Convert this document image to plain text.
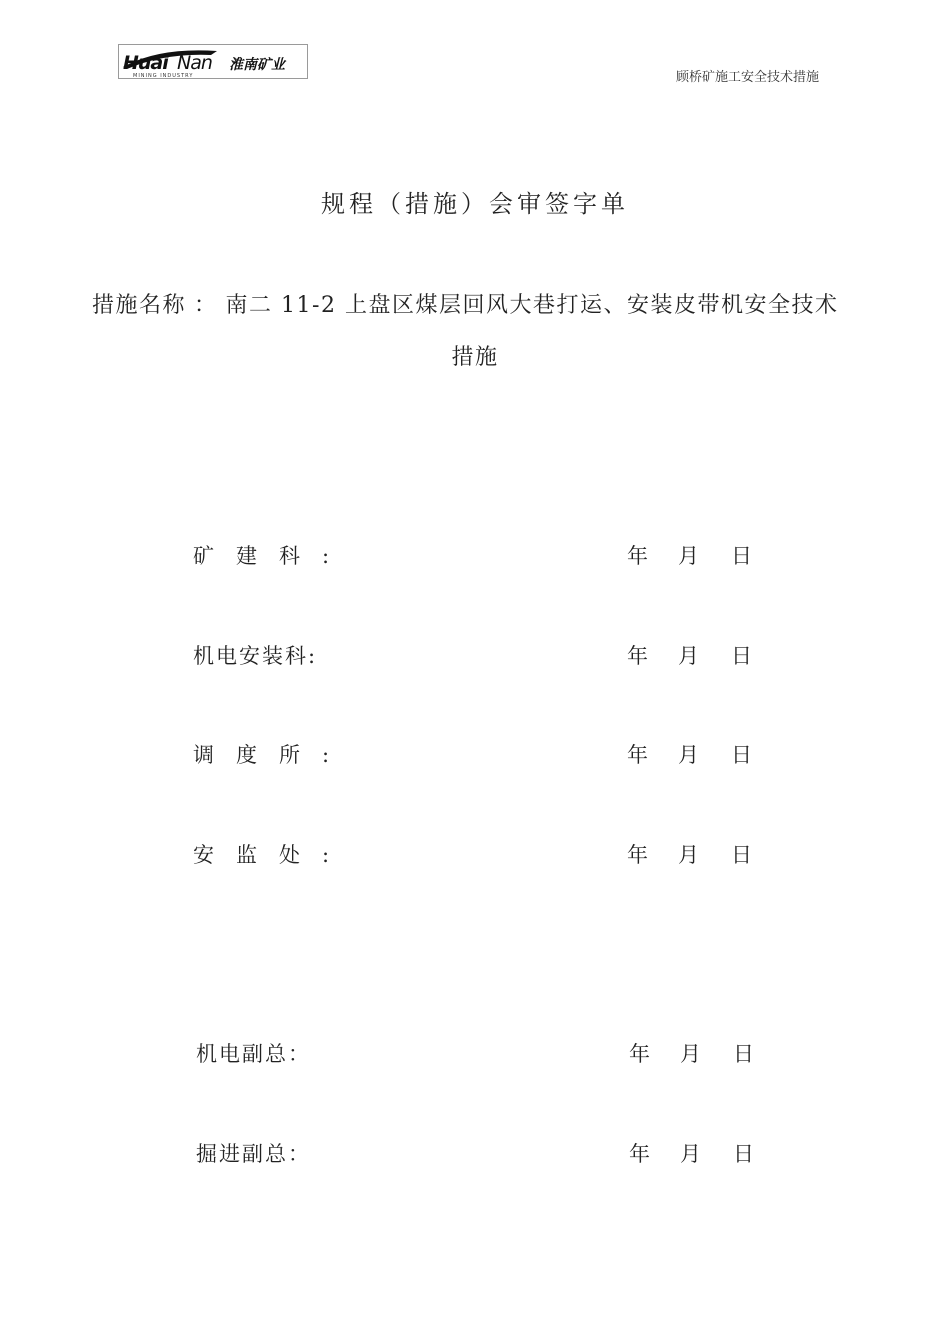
Huai Nan 淮南矿业
MINING INDUSTRY	顾桥矿施工安全技术措施
规程（措施）会审签字单
措施名称 ： 南二 11-2 上盘区煤层回风大巷打运、安装皮带机安全技术
措施
矿建科:	年 月 日
机电安装科:	年 月 日
调度所:	年 月 日
安监处:	年 月 日
机电副总：	年 月 日
掘进副总：	年 月 日
